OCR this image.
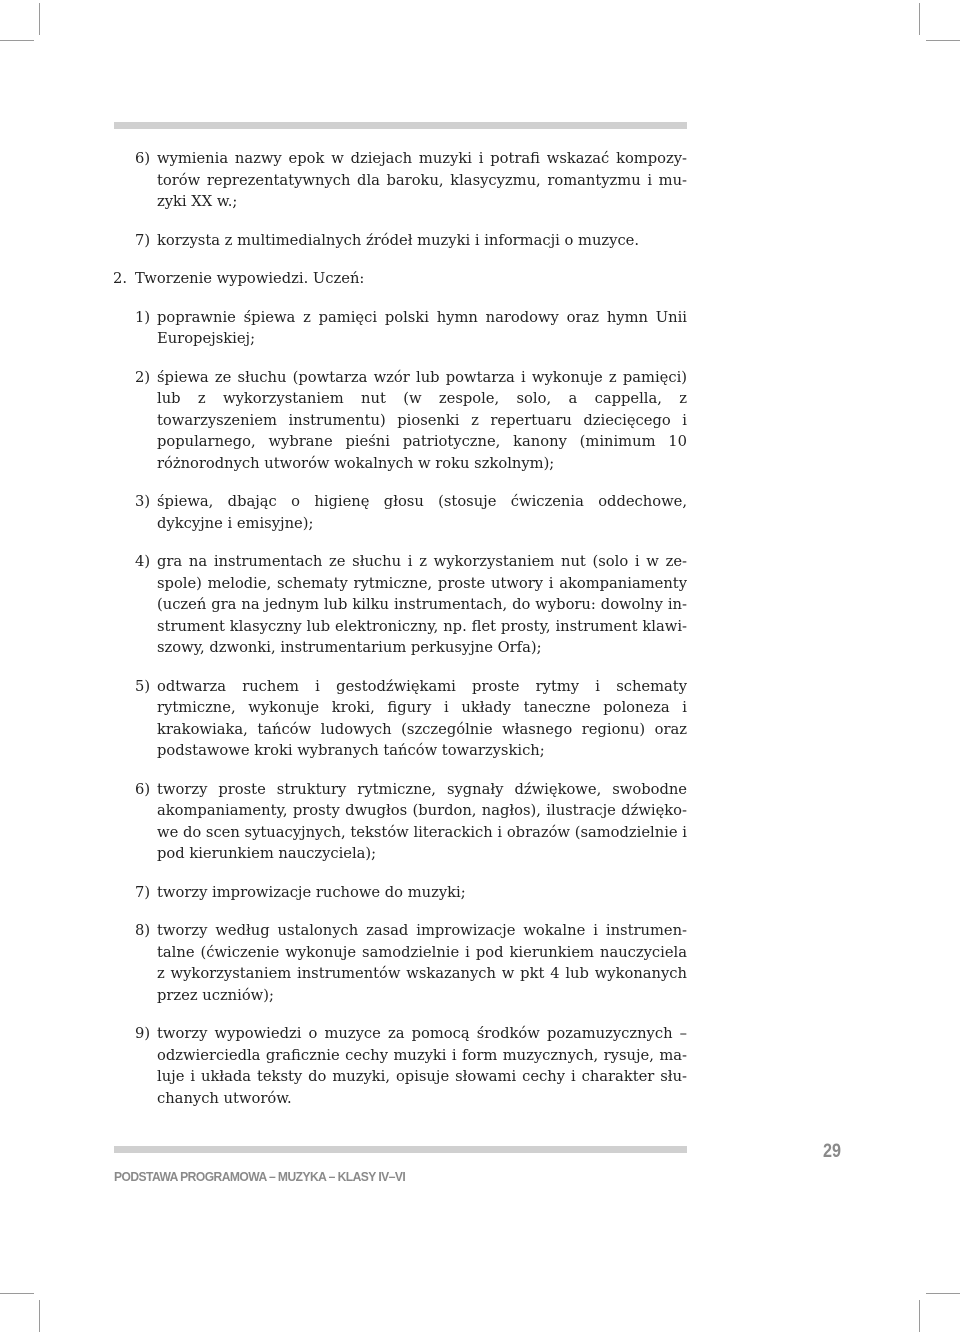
6) wymienia nazwy epok w dziejach muzyki i potrafi wskazać kompozytorów reprezentatywnych dla baroku, klasycyzmu, romantyzmu i muzyki XX w.;
7) korzysta z multimedialnych źródeł muzyki i informacji o muzyce.
2. Tworzenie wypowiedzi. Uczeń:
1) poprawnie śpiewa z pamięci polski hymn narodowy oraz hymn Unii Europejskiej;
2) śpiewa ze słuchu (powtarza wzór lub powtarza i wykonuje z pamięci) lub z wykorzystaniem nut (w zespole, solo, a cappella, z towarzyszeniem instrumentu) piosenki z repertuaru dziecięcego i popularnego, wybrane pieśni patriotyczne, kanony (minimum 10 różnorodnych utworów wokalnych w roku szkolnym);
3) śpiewa, dbając o higienę głosu (stosuje ćwiczenia oddechowe, dykcyjne i emisyjne);
4) gra na instrumentach ze słuchu i z wykorzystaniem nut (solo i w zespole) melodie, schematy rytmiczne, proste utwory i akompaniamenty (uczeń gra na jednym lub kilku instrumentach, do wyboru: dowolny instrument klasyczny lub elektroniczny, np. flet prosty, instrument klawiszowy, dzwonki, instrumentarium perkusyjne Orfa);
5) odtwarza ruchem i gestodźwiękami proste rytmy i schematy rytmiczne, wykonuje kroki, figury i układy taneczne poloneza i krakowiaka, tańców ludowych (szczególnie własnego regionu) oraz podstawowe kroki wybranych tańców towarzyskich;
6) tworzy proste struktury rytmiczne, sygnały dźwiękowe, swobodne akompaniamenty, prosty dwugłos (burdon, nagłos), ilustracje dźwiękowe do scen sytuacyjnych, tekstów literackich i obrazów (samodzielnie i pod kierunkiem nauczyciela);
7) tworzy improwizacje ruchowe do muzyki;
8) tworzy według ustalonych zasad improwizacje wokalne i instrumentalne (ćwiczenie wykonuje samodzielnie i pod kierunkiem nauczyciela z wykorzystaniem instrumentów wskazanych w pkt 4 lub wykonanych przez uczniów);
9) tworzy wypowiedzi o muzyce za pomocą środków pozamuzycznych – odzwierciedla graficznie cechy muzyki i form muzycznych, rysuje, maluje i układa teksty do muzyki, opisuje słowami cechy i charakter słuchanych utworów.
PODSTAWA PROGRAMOWA – MUZYKA – KLASY IV–VI
29
